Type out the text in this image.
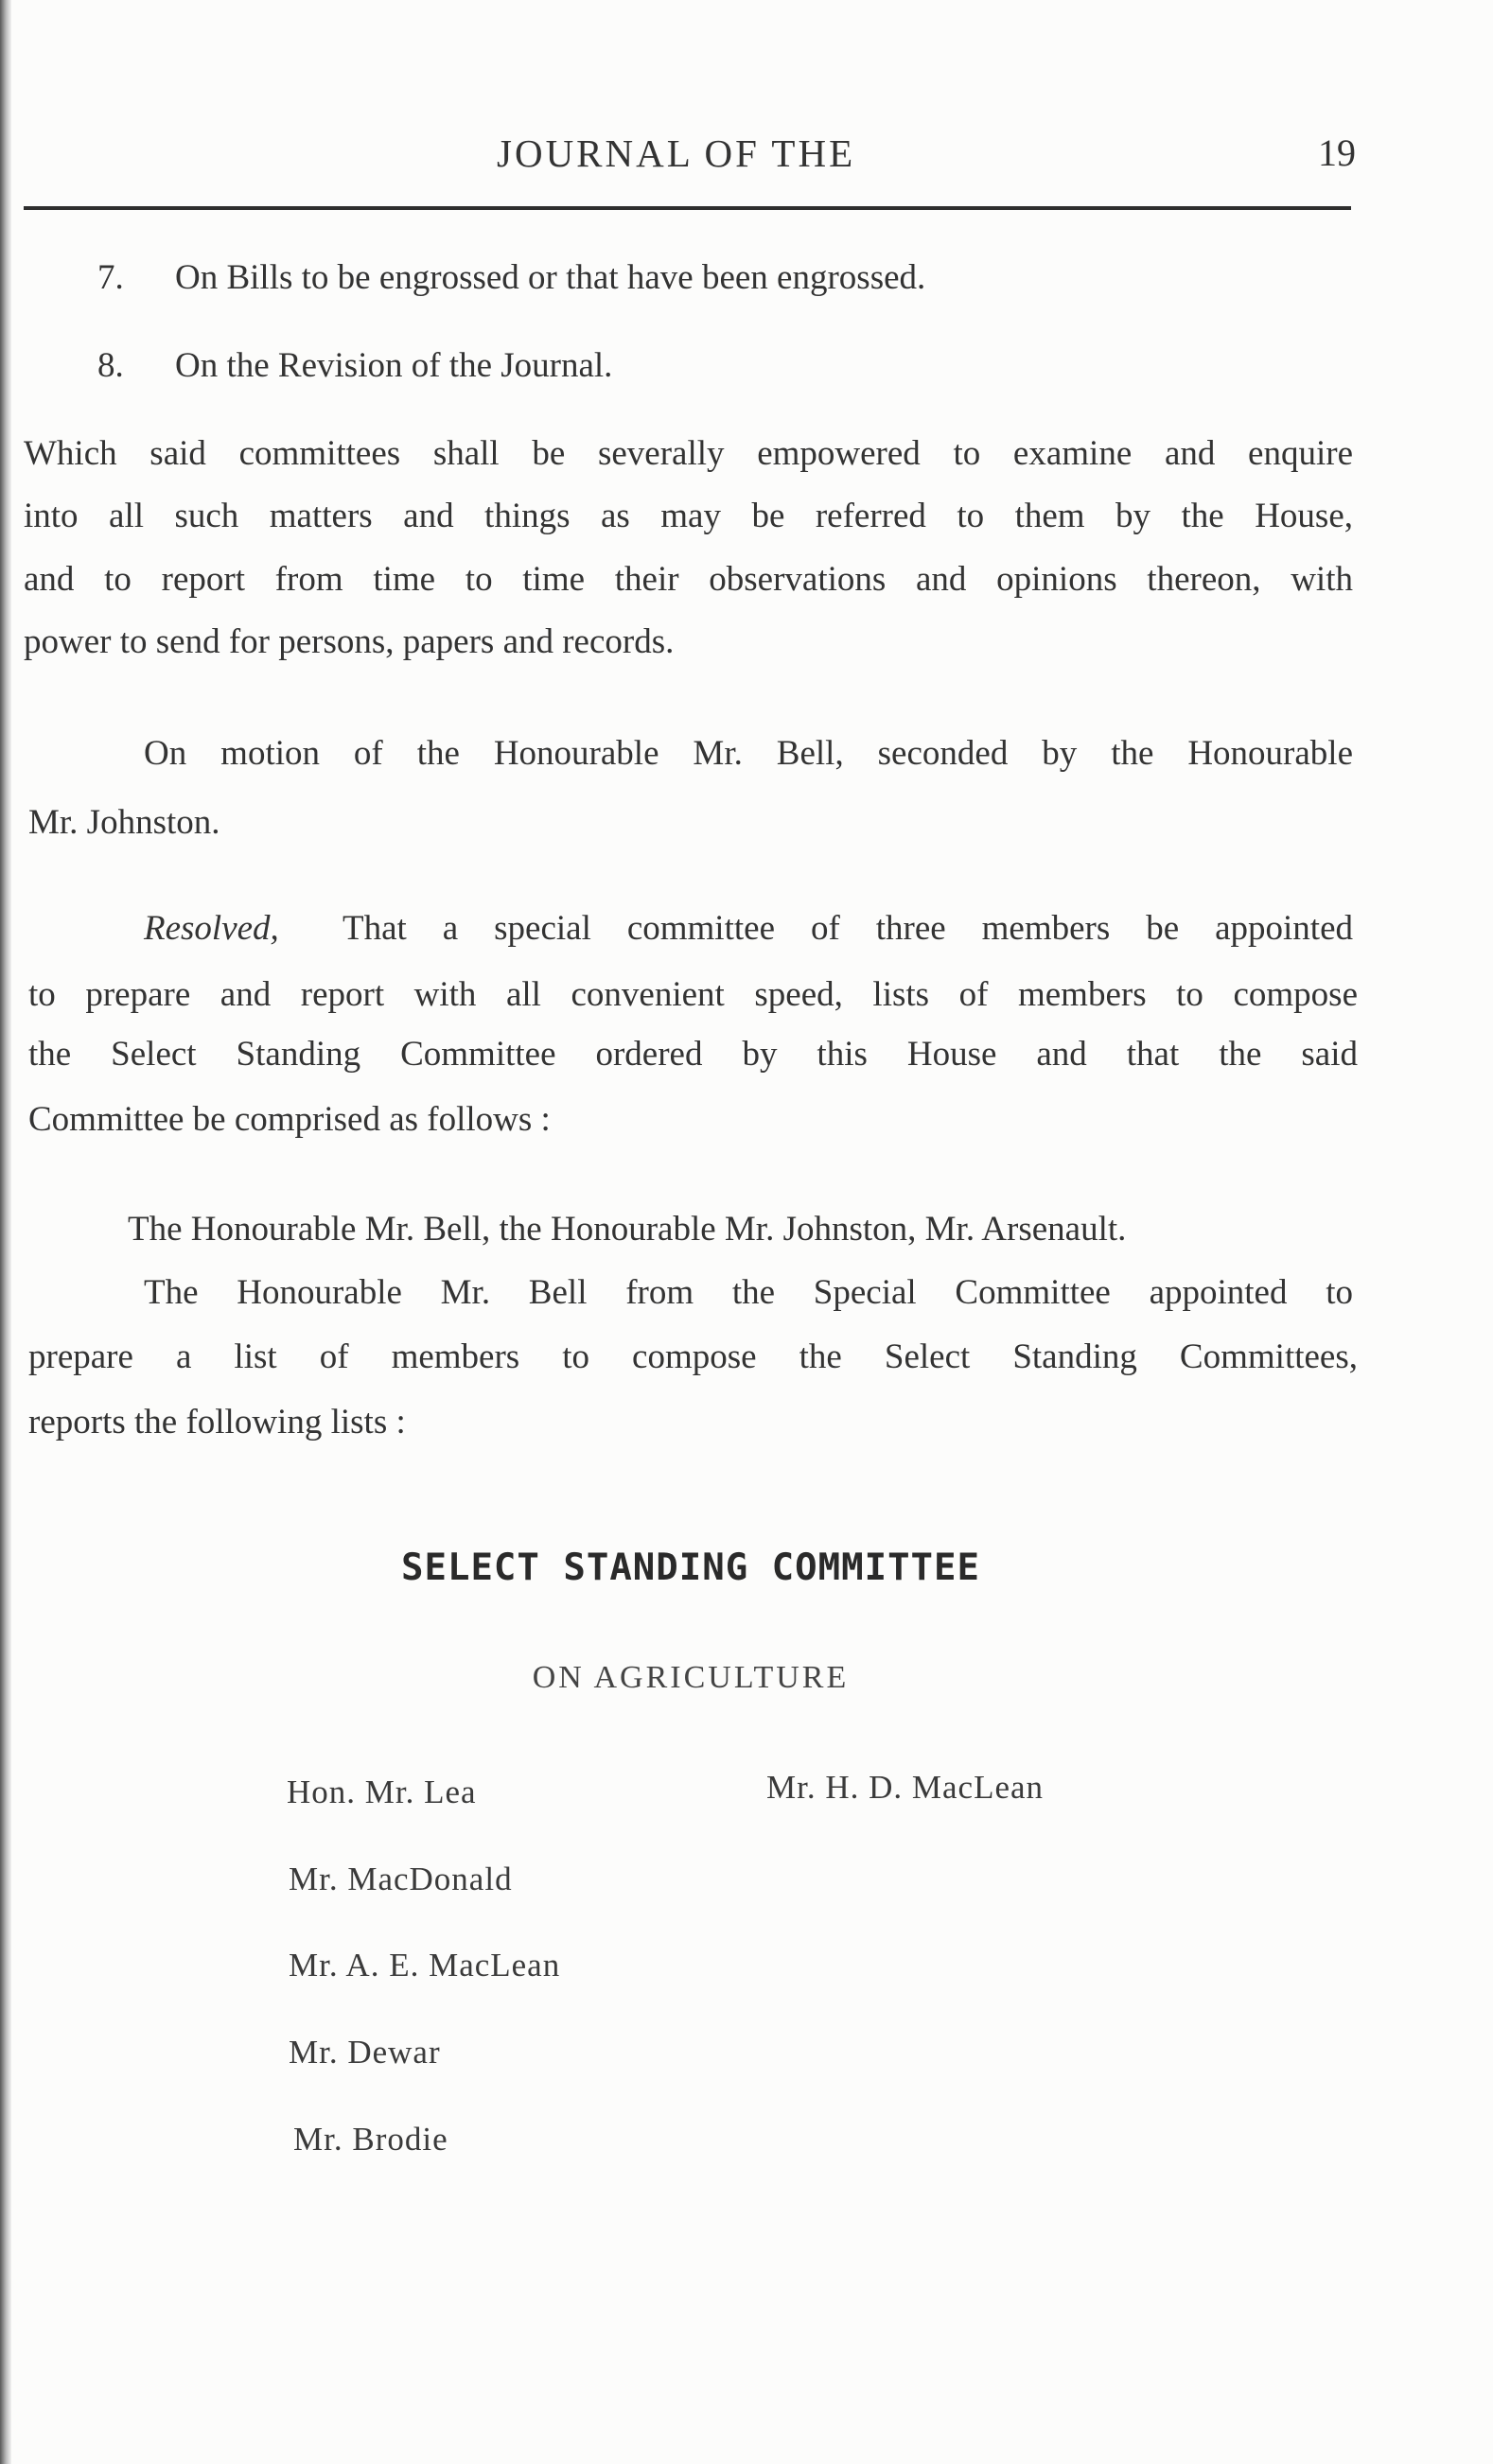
JOURNAL OF THE	19
7. On Bills to be engrossed or that have been engrossed.
8. On the Revision of the Journal.
Which said committees shall be severally empowered to examine and enquire
into all such matters and things as may be referred to them by the House,
and to report from time to time their observations and opinions thereon, with
power to send for persons, papers and records.
On motion of the Honourable Mr. Bell, seconded by the Honourable
Mr. Johnston.
Resolved, That a special committee of three members be appointed
to prepare and report with all convenient speed, lists of members to compose
the Select Standing Committee ordered by this House and that the said
Committee be comprised as follows :
The Honourable Mr. Bell, the Honourable Mr. Johnston, Mr. Arsenault.
The Honourable Mr. Bell from the Special Committee appointed to
prepare a list of members to compose the Select Standing Committees,
reports the following lists :
SELECT STANDING COMMITTEE
ON AGRICULTURE
Hon. Mr. Lea	Mr. H. D. MacLean
Mr. MacDonald
Mr. A. E. MacLean
Mr. Dewar
Mr. Brodie
